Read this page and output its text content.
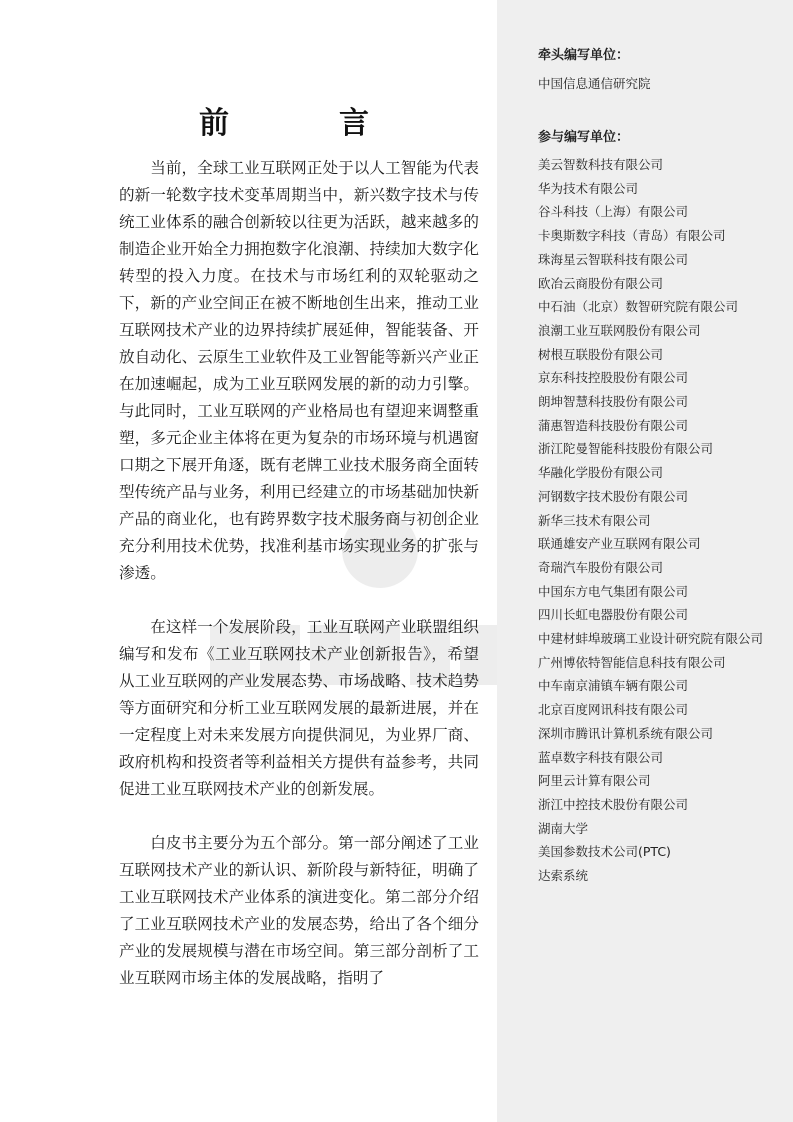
前　言

当前，全球工业互联网正处于以人工智能为代表的新一轮数字技术变革周期当中，新兴数字技术与传统工业体系的融合创新较以往更为活跃，越来越多的制造企业开始全力拥抱数字化浪潮、持续加大数字化转型的投入力度。在技术与市场红利的双轮驱动之下，新的产业空间正在被不断地创生出来，推动工业互联网技术产业的边界持续扩展延伸，智能装备、开放自动化、云原生工业软件及工业智能等新兴产业正在加速崛起，成为工业互联网发展的新的动力引擎。与此同时，工业互联网的产业格局也有望迎来调整重塑，多元企业主体将在更为复杂的市场环境与机遇窗口期之下展开角逐，既有老牌工业技术服务商全面转型传统产品与业务，利用已经建立的市场基础加快新产品的商业化，也有跨界数字技术服务商与初创企业充分利用技术优势，找准利基市场实现业务的扩张与渗透。

在这样一个发展阶段，工业互联网产业联盟组织编写和发布《工业互联网技术产业创新报告》，希望从工业互联网的产业发展态势、市场战略、技术趋势等方面研究和分析工业互联网发展的最新进展，并在一定程度上对未来发展方向提供洞见，为业界厂商、政府机构和投资者等利益相关方提供有益参考，共同促进工业互联网技术产业的创新发展。

白皮书主要分为五个部分。第一部分阐述了工业互联网技术产业的新认识、新阶段与新特征，明确了工业互联网技术产业体系的演进变化。第二部分介绍了工业互联网技术产业的发展态势，给出了各个细分产业的发展规模与潜在市场空间。第三部分剖析了工业互联网市场主体的发展战略，指明了

牵头编写单位：
中国信息通信研究院
参与编写单位：
美云智数科技有限公司
华为技术有限公司
谷斗科技（上海）有限公司
卡奥斯数字科技（青岛）有限公司
珠海星云智联科技有限公司
欧冶云商股份有限公司
中石油（北京）数智研究院有限公司
浪潮工业互联网股份有限公司
树根互联股份有限公司
京东科技控股股份有限公司
朗坤智慧科技股份有限公司
蒲惠智造科技股份有限公司
浙江陀曼智能科技股份有限公司
华融化学股份有限公司
河钢数字技术股份有限公司
新华三技术有限公司
联通雄安产业互联网有限公司
奇瑞汽车股份有限公司
中国东方电气集团有限公司
四川长虹电器股份有限公司
中建材蚌埠玻璃工业设计研究院有限公司
广州博依特智能信息科技有限公司
中车南京浦镇车辆有限公司
北京百度网讯科技有限公司
深圳市腾讯计算机系统有限公司
蓝卓数字科技有限公司
阿里云计算有限公司
浙江中控技术股份有限公司
湖南大学
美国参数技术公司(PTC)
达索系统
